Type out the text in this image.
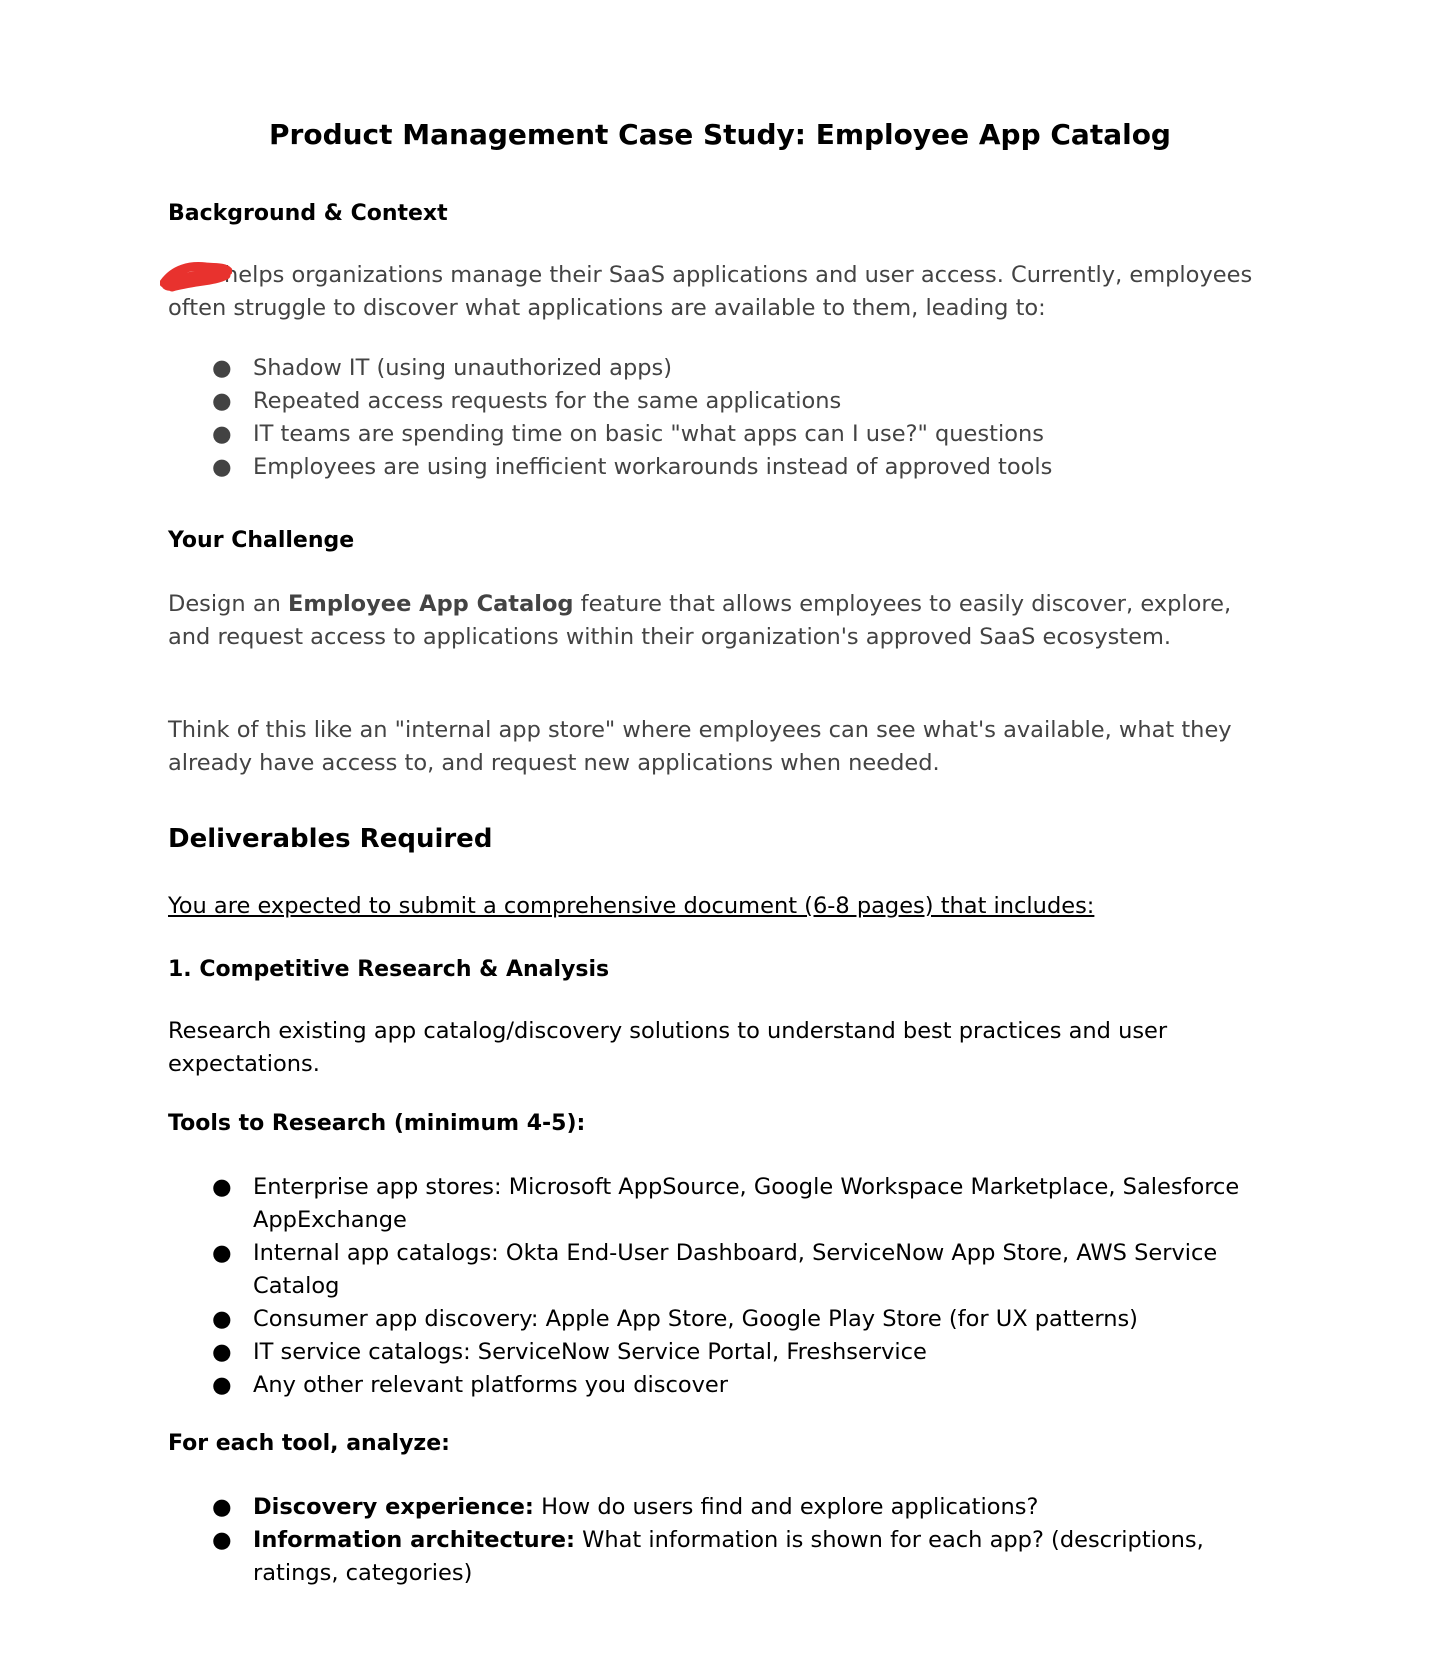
Product Management Case Study: Employee App Catalog
Background & Context

helps organizations manage their SaaS applications and user access. Currently, employees often struggle to discover what applications are available to them, leading to:

● Shadow IT (using unauthorized apps)
● Repeated access requests for the same applications
● IT teams are spending time on basic "what apps can I use?" questions
● Employees are using inefficient workarounds instead of approved tools
Your Challenge

Design an Employee App Catalog feature that allows employees to easily discover, explore, and request access to applications within their organization's approved SaaS ecosystem.

Think of this like an "internal app store" where employees can see what's available, what they already have access to, and request new applications when needed.

Deliverables Required

You are expected to submit a comprehensive document (6-8 pages) that includes:

1. Competitive Research & Analysis

Research existing app catalog/discovery solutions to understand best practices and user expectations.

Tools to Research (minimum 4-5):
● Enterprise app stores: Microsoft AppSource, Google Workspace Marketplace, Salesforce AppExchange
● Internal app catalogs: Okta End-User Dashboard, ServiceNow App Store, AWS Service Catalog
● Consumer app discovery: Apple App Store, Google Play Store (for UX patterns)
● IT service catalogs: ServiceNow Service Portal, Freshservice
● Any other relevant platforms you discover
For each tool, analyze:
● Discovery experience: How do users find and explore applications?
● Information architecture: What information is shown for each app? (descriptions, ratings, categories)
